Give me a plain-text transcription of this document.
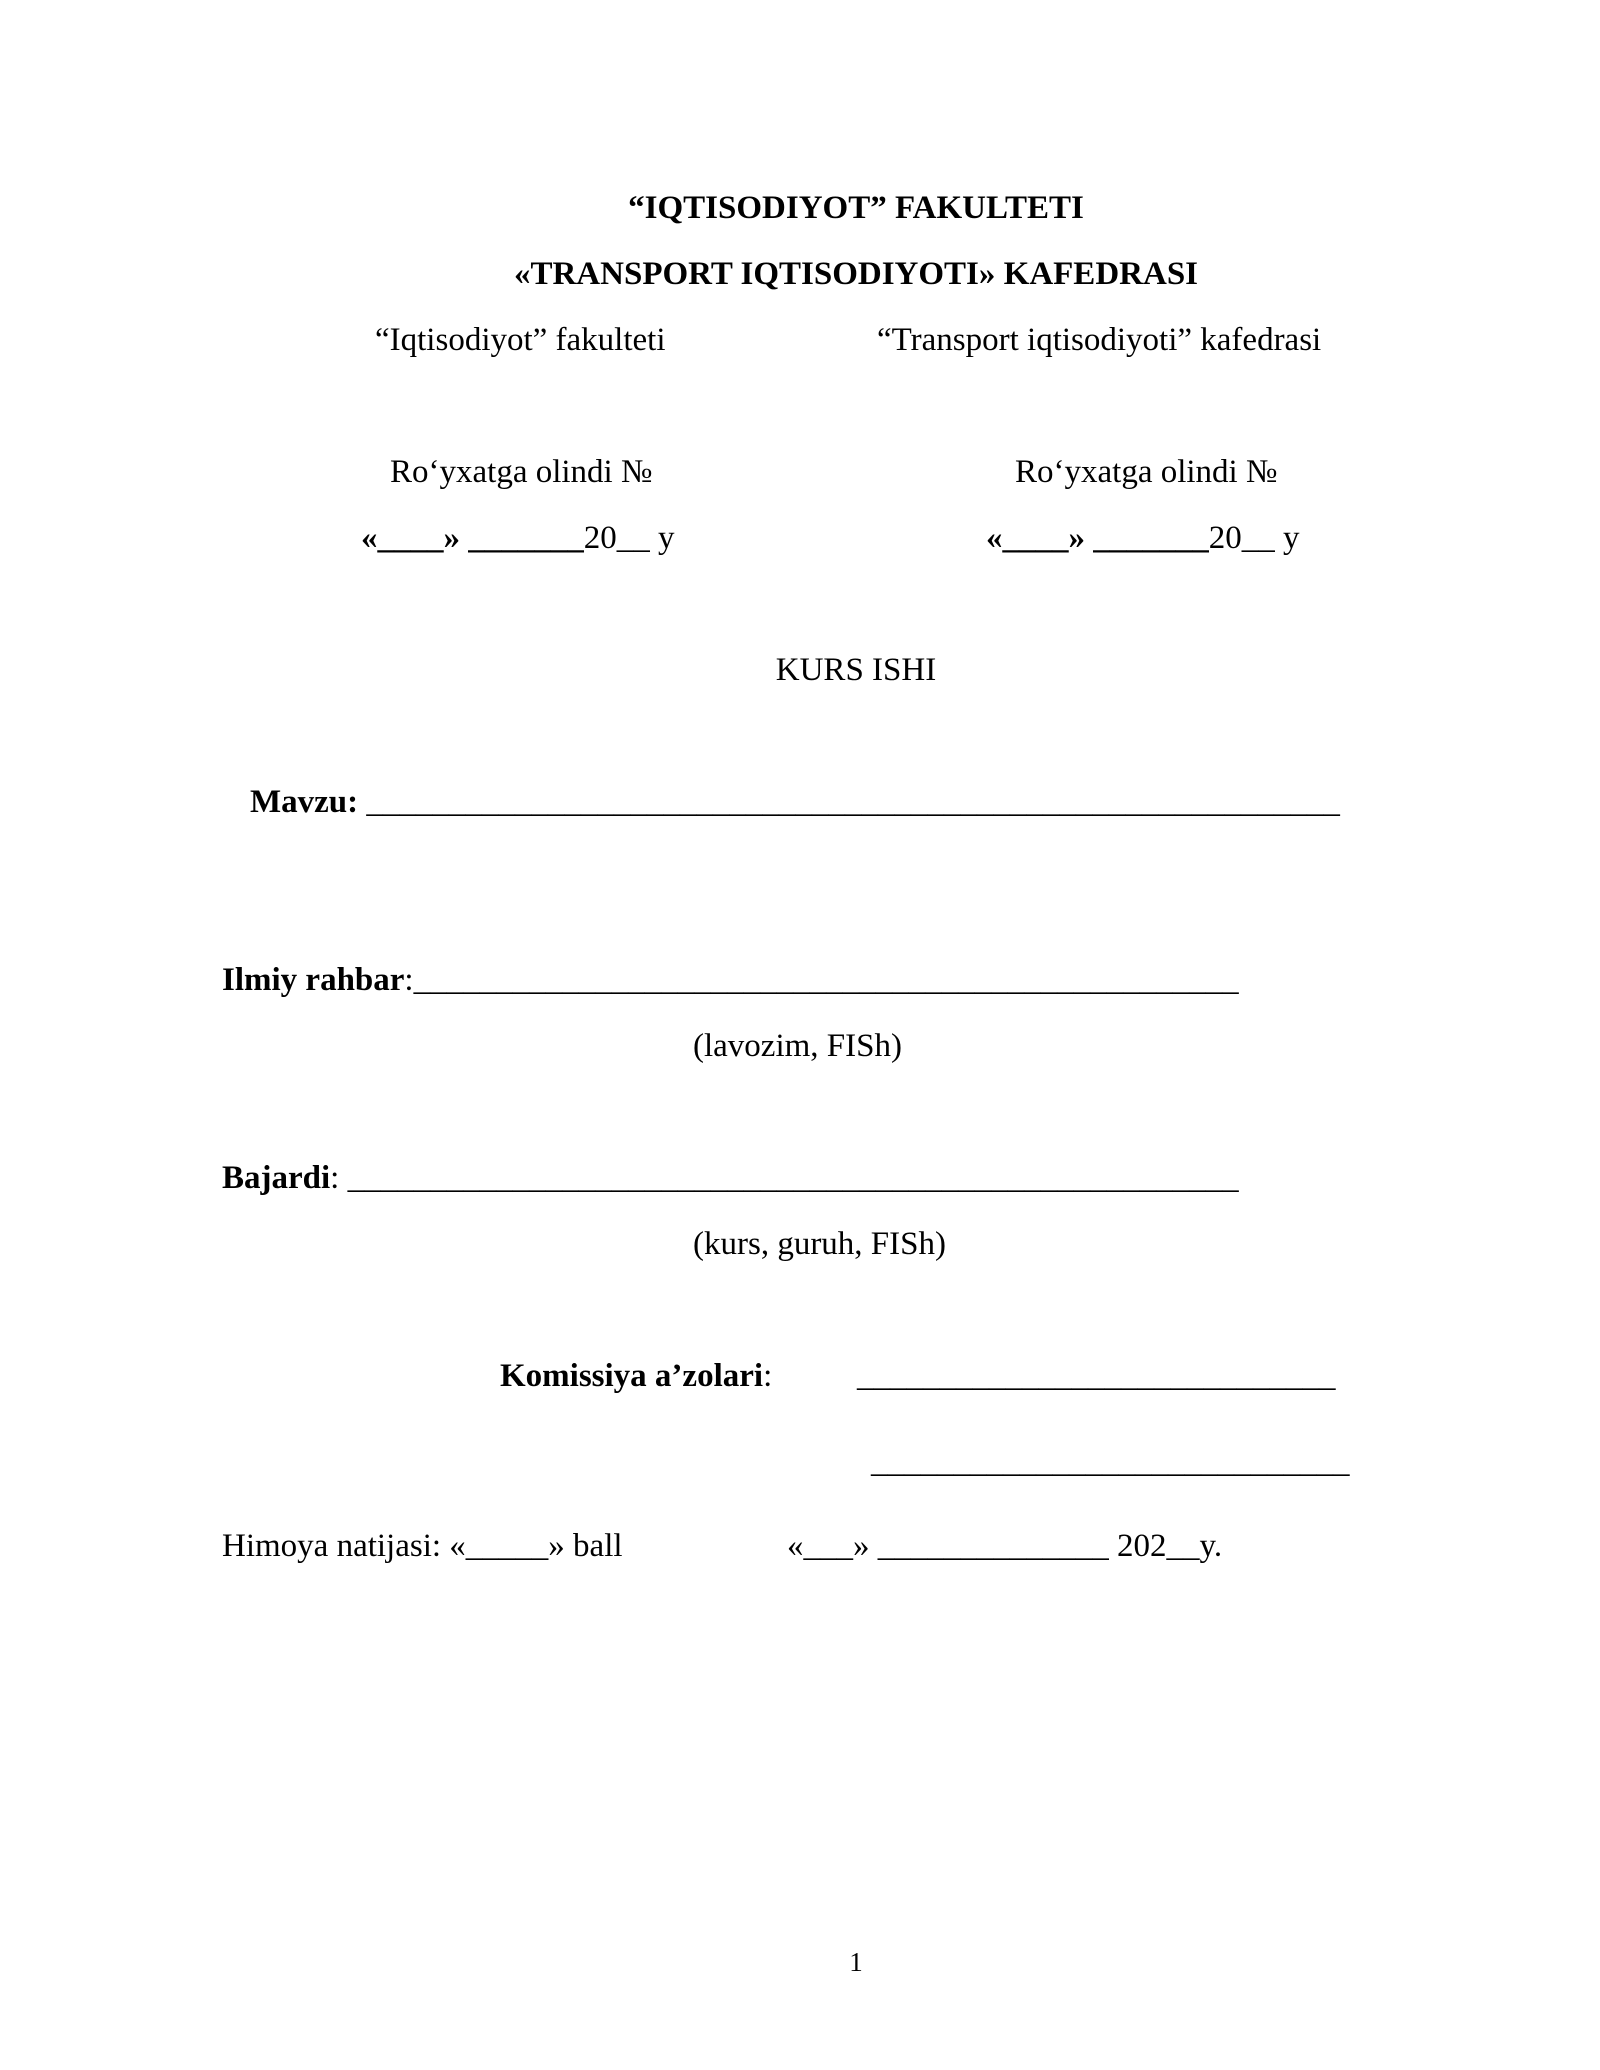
“IQTISODIYOT” FAKULTETI
«TRANSPORT IQTISODIYOTI» KAFEDRASI
“Iqtisodiyot” fakulteti	“Transport iqtisodiyoti” kafedrasi
Ro‘yxatga olindi №
«____» _______20__ y
Ro‘yxatga olindi №
«____» _______20__ y
KURS ISHI
Mavzu: ___________________________________________________________
Ilmiy rahbar:__________________________________________________
(lavozim, FISh)
Bajardi: ______________________________________________________
(kurs, guruh, FISh)
Komissiya a’zolari:	_____________________________
_____________________________
Himoya natijasi: «_____» ball	«___» ______________ 202__y.
1
